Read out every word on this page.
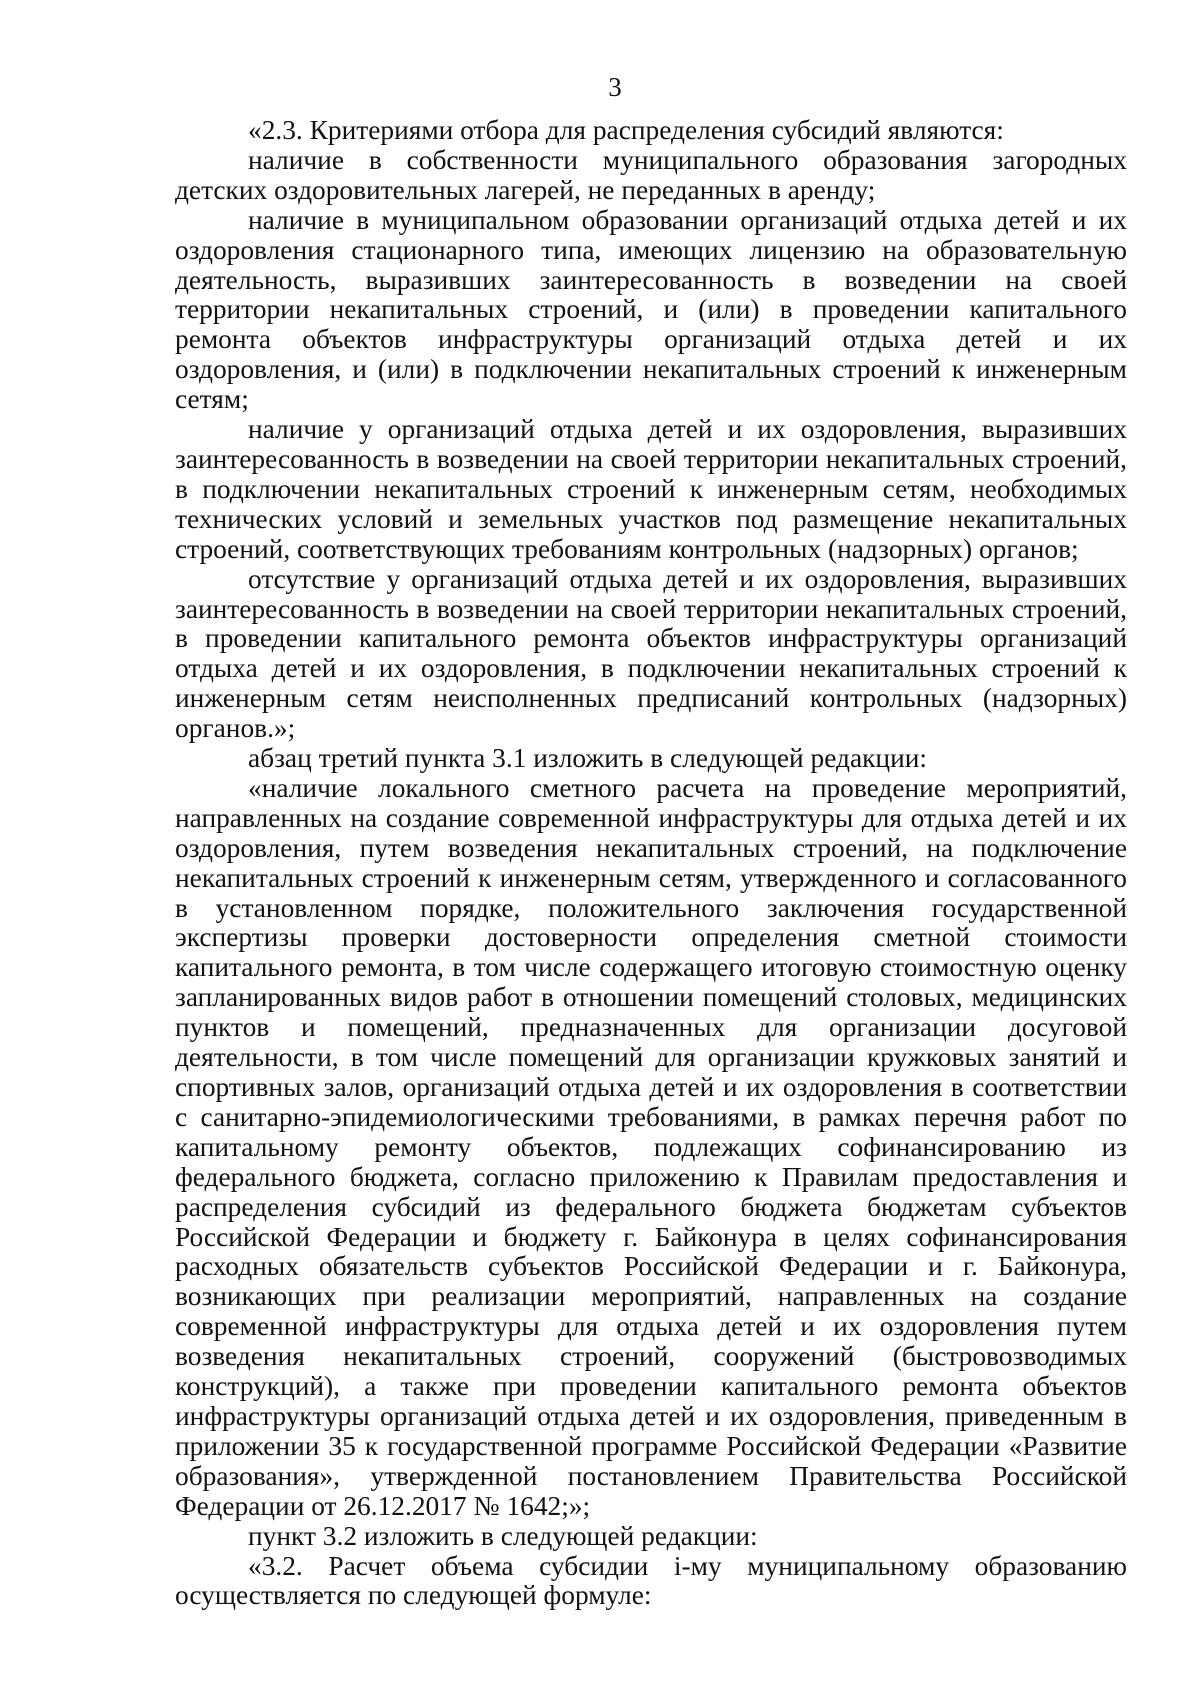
3

«2.3. Критериями отбора для распределения субсидий являются:

наличие в собственности муниципального образования загородных детских оздоровительных лагерей, не переданных в аренду;

наличие в муниципальном образовании организаций отдыха детей и их оздоровления стационарного типа, имеющих лицензию на образовательную деятельность, выразивших заинтересованность в возведении на своей территории некапитальных строений, и (или) в проведении капитального ремонта объектов инфраструктуры организаций отдыха детей и их оздоровления, и (или) в подключении некапитальных строений к инженерным сетям;

наличие у организаций отдыха детей и их оздоровления, выразивших заинтересованность в возведении на своей территории некапитальных строений, в подключении некапитальных строений к инженерным сетям, необходимых технических условий и земельных участков под размещение некапитальных строений, соответствующих требованиям контрольных (надзорных) органов;

отсутствие у организаций отдыха детей и их оздоровления, выразивших заинтересованность в возведении на своей территории некапитальных строений, в проведении капитального ремонта объектов инфраструктуры организаций отдыха детей и их оздоровления, в подключении некапитальных строений к инженерным сетям неисполненных предписаний контрольных (надзорных) органов.»;

абзац третий пункта 3.1 изложить в следующей редакции:

«наличие локального сметного расчета на проведение мероприятий, направленных на создание современной инфраструктуры для отдыха детей и их оздоровления, путем возведения некапитальных строений, на подключение некапитальных строений к инженерным сетям, утвержденного и согласованного в установленном порядке, положительного заключения государственной экспертизы проверки достоверности определения сметной стоимости капитального ремонта, в том числе содержащего итоговую стоимостную оценку запланированных видов работ в отношении помещений столовых, медицинских пунктов и помещений, предназначенных для организации досуговой деятельности, в том числе помещений для организации кружковых занятий и спортивных залов, организаций отдыха детей и их оздоровления в соответствии с санитарно-эпидемиологическими требованиями, в рамках перечня работ по капитальному ремонту объектов, подлежащих софинансированию из федерального бюджета, согласно приложению к Правилам предоставления и распределения субсидий из федерального бюджета бюджетам субъектов Российской Федерации и бюджету г. Байконура в целях софинансирования расходных обязательств субъектов Российской Федерации и г. Байконура, возникающих при реализации мероприятий, направленных на создание современной инфраструктуры для отдыха детей и их оздоровления путем возведения некапитальных строений, сооружений (быстровозводимых конструкций), а также при проведении капитального ремонта объектов инфраструктуры организаций отдыха детей и их оздоровления, приведенным в приложении 35 к государственной программе Российской Федерации «Развитие образования», утвержденной постановлением Правительства Российской Федерации от 26.12.2017 № 1642;»;

пункт 3.2 изложить в следующей редакции:

«3.2. Расчет объема субсидии i-му муниципальному образованию осуществляется по следующей формуле:
